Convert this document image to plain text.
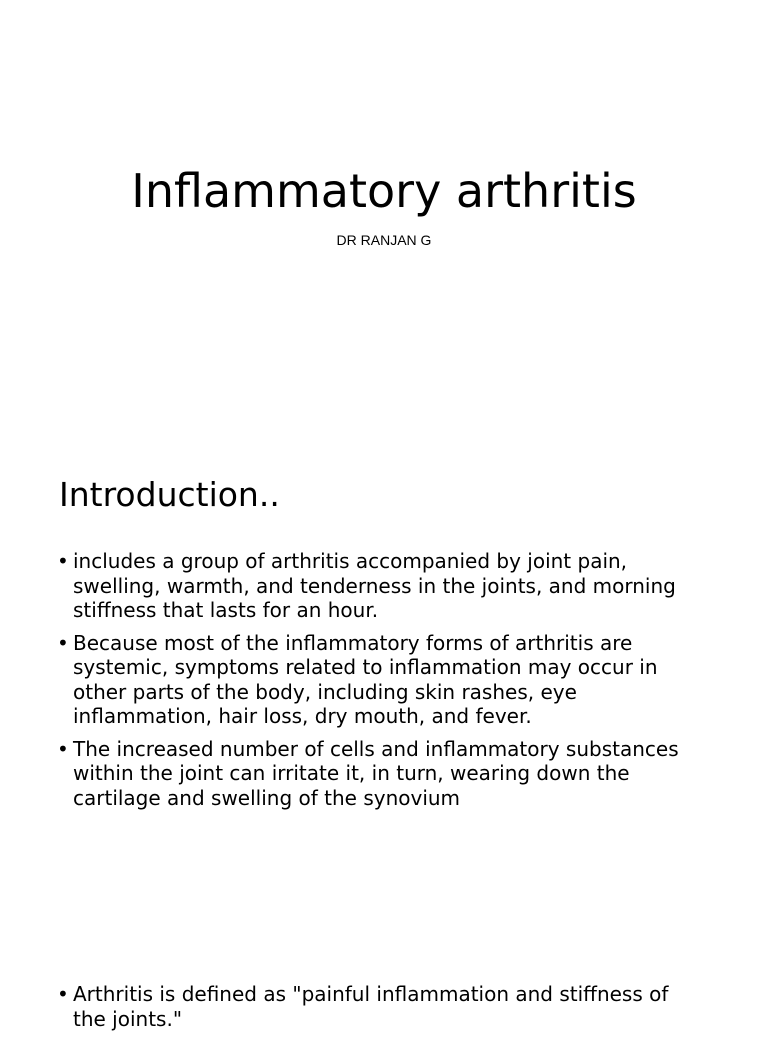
Inflammatory arthritis
DR RANJAN G
Introduction..
• includes a group of arthritis accompanied by joint pain, swelling, warmth, and tenderness in the joints, and morning stiffness that lasts for an hour.
• Because most of the inflammatory forms of arthritis are systemic, symptoms related to inflammation may occur in other parts of the body, including skin rashes, eye inflammation, hair loss, dry mouth, and fever.
• The increased number of cells and inflammatory substances within the joint can irritate it, in turn, wearing down the cartilage and swelling of the synovium
• Arthritis is defined as "painful inflammation and stiffness of the joints."
